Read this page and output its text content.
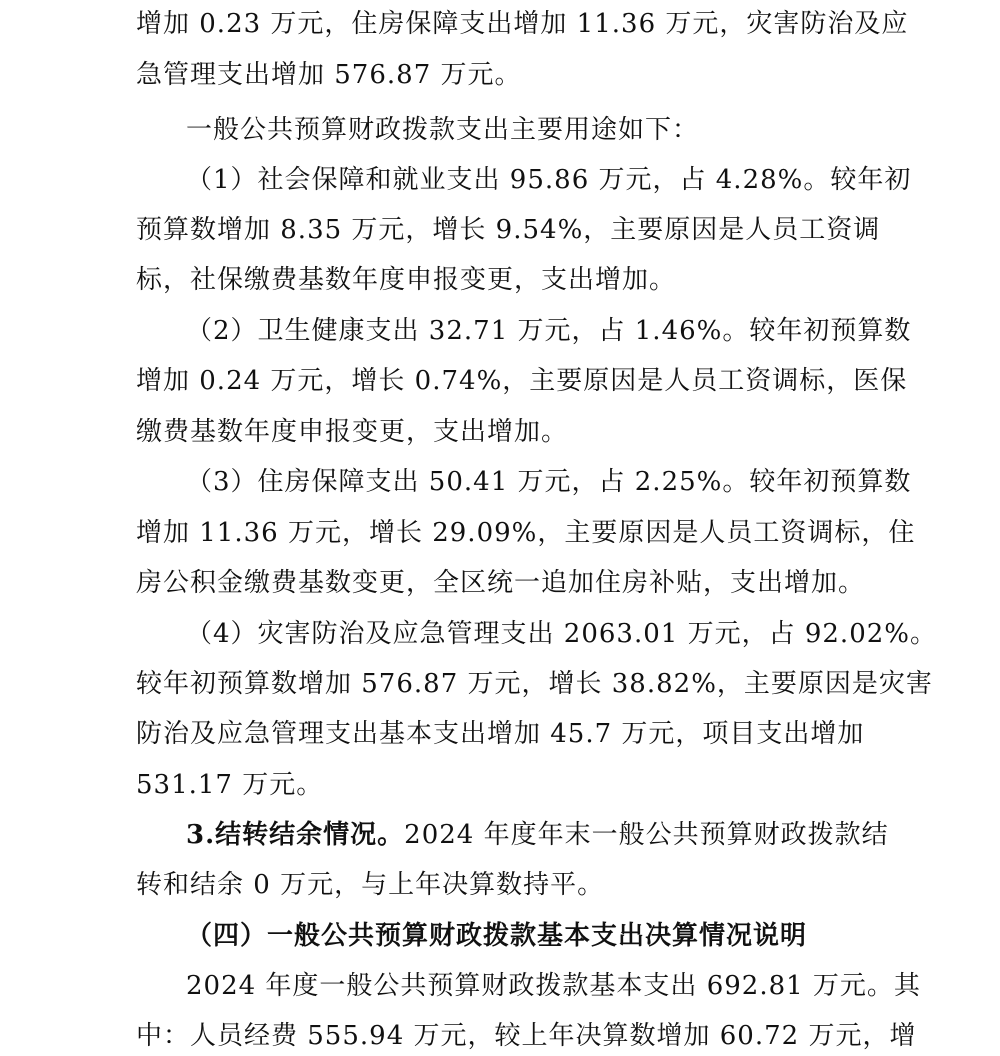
增加 0.23 万元，住房保障支出增加 11.36 万元，灾害防治及应
急管理支出增加 576.87 万元。
一般公共预算财政拨款支出主要用途如下：
（1）社会保障和就业支出 95.86 万元，占 4.28%。较年初
预算数增加 8.35 万元，增长 9.54%，主要原因是人员工资调
标，社保缴费基数年度申报变更，支出增加。
（2）卫生健康支出 32.71 万元，占 1.46%。较年初预算数
增加 0.24 万元，增长 0.74%，主要原因是人员工资调标，医保
缴费基数年度申报变更，支出增加。
（3）住房保障支出 50.41 万元，占 2.25%。较年初预算数
增加 11.36 万元，增长 29.09%，主要原因是人员工资调标，住
房公积金缴费基数变更，全区统一追加住房补贴，支出增加。
（4）灾害防治及应急管理支出 2063.01 万元，占 92.02%。
较年初预算数增加 576.87 万元，增长 38.82%，主要原因是灾害
防治及应急管理支出基本支出增加 45.7 万元，项目支出增加
531.17 万元。
3.结转结余情况。2024 年度年末一般公共预算财政拨款结
转和结余 0 万元，与上年决算数持平。
（四）一般公共预算财政拨款基本支出决算情况说明
2024 年度一般公共预算财政拨款基本支出 692.81 万元。其
中：人员经费 555.94 万元，较上年决算数增加 60.72 万元，增
